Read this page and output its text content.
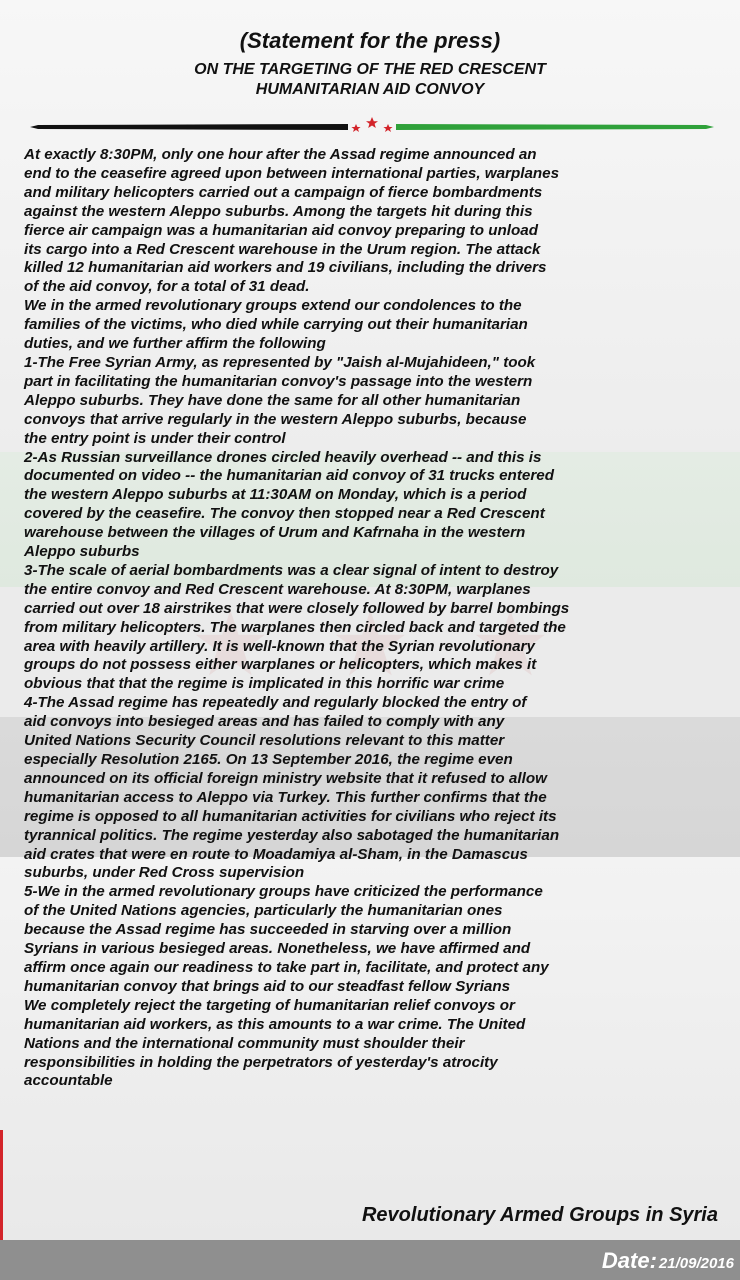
★ ★ ★
(Statement for the press)
ON THE TARGETING OF THE RED CRESCENT
HUMANITARIAN AID CONVOY

At exactly 8:30PM, only one hour after the Assad regime announced an
end to the ceasefire agreed upon between international parties, warplanes
and military helicopters carried out a campaign of fierce bombardments
against the western Aleppo suburbs. Among the targets hit during this
fierce air campaign was a humanitarian aid convoy preparing to unload
its cargo into a Red Crescent warehouse in the Urum region. The attack
killed 12 humanitarian aid workers and 19 civilians, including the drivers
of the aid convoy, for a total of 31 dead.

We in the armed revolutionary groups extend our condolences to the
families of the victims, who died while carrying out their humanitarian
duties, and we further affirm the following

1-The Free Syrian Army, as represented by "Jaish al-Mujahideen," took
part in facilitating the humanitarian convoy's passage into the western
Aleppo suburbs. They have done the same for all other humanitarian
convoys that arrive regularly in the western Aleppo suburbs, because
the entry point is under their control

2-As Russian surveillance drones circled heavily overhead -- and this is
documented on video -- the humanitarian aid convoy of 31 trucks entered
the western Aleppo suburbs at 11:30AM on Monday, which is a period
covered by the ceasefire. The convoy then stopped near a Red Crescent
warehouse between the villages of Urum and Kafrnaha in the western
Aleppo suburbs

3-The scale of aerial bombardments was a clear signal of intent to destroy
the entire convoy and Red Crescent warehouse. At 8:30PM, warplanes
carried out over 18 airstrikes that were closely followed by barrel bombings
from military helicopters. The warplanes then circled back and targeted the
area with heavily artillery. It is well-known that the Syrian revolutionary
groups do not possess either warplanes or helicopters, which makes it
obvious that that the regime is implicated in this horrific war crime

4-The Assad regime has repeatedly and regularly blocked the entry of
aid convoys into besieged areas and has failed to comply with any
United Nations Security Council resolutions relevant to this matter
especially Resolution 2165. On 13 September 2016, the regime even
announced on its official foreign ministry website that it refused to allow
humanitarian access to Aleppo via Turkey. This further confirms that the
regime is opposed to all humanitarian activities for civilians who reject its
tyrannical politics. The regime yesterday also sabotaged the humanitarian
aid crates that were en route to Moadamiya al-Sham, in the Damascus
suburbs, under Red Cross supervision

5-We in the armed revolutionary groups have criticized the performance
of the United Nations agencies, particularly the humanitarian ones
because the Assad regime has succeeded in starving over a million
Syrians in various besieged areas. Nonetheless, we have affirmed and
affirm once again our readiness to take part in, facilitate, and protect any
humanitarian convoy that brings aid to our steadfast fellow Syrians

We completely reject the targeting of humanitarian relief convoys or
humanitarian aid workers, as this amounts to a war crime. The United
Nations and the international community must shoulder their
responsibilities in holding the perpetrators of yesterday's atrocity
accountable

Revolutionary Armed Groups in Syria
Date: 21/09/2016
